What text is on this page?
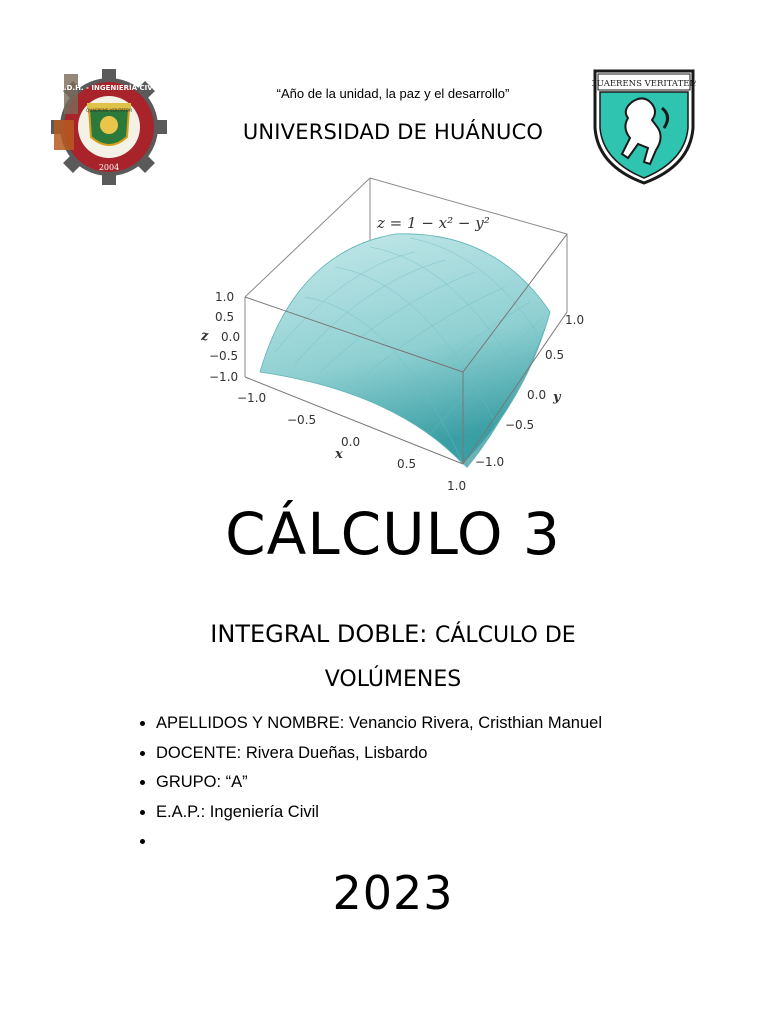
U.D.H. - INGENIERÍA CIVIL
QUAERENS VERITATEM
2004
“Año de la unidad, la paz y el desarrollo”
UNIVERSIDAD DE HUÁNUCO
QUAERENS VERITATEM
z = 1 − x² − y²
1.0
0.5
0.0
−0.5
−1.0
z
−1.0
−0.5
0.0
0.5
1.0
x
1.0
0.5
0.0
−0.5
−1.0
y
CÁLCULO 3
INTEGRAL DOBLE: CÁLCULO DE
VOLÚMENES
• APELLIDOS Y NOMBRE: Venancio Rivera, Cristhian Manuel
• DOCENTE: Rivera Dueñas, Lisbardo
• GRUPO: “A”
• E.A.P.: Ingeniería Civil
•
2023
